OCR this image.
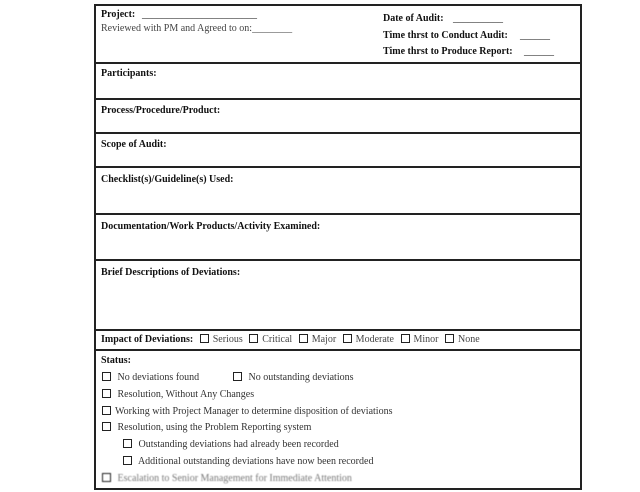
Project: _______________________
Reviewed with PM and Agreed to on:________
Date of Audit: __________
Time thrst to Conduct Audit: ______
Time thrst to Produce Report: ______
Participants:
Process/Procedure/Product:
Scope of Audit:
Checklist(s)/Guideline(s) Used:
Documentation/Work Products/Activity Examined:
Brief Descriptions of Deviations:
Impact of Deviations: Serious Critical Major Moderate Minor None
Status:
No deviations found	No outstanding deviations
Resolution, Without Any Changes
Working with Project Manager to determine disposition of deviations
Resolution, using the Problem Reporting system
Outstanding deviations had already been recorded
Additional outstanding deviations have now been recorded
Escalation to Senior Management for Immediate Attention
